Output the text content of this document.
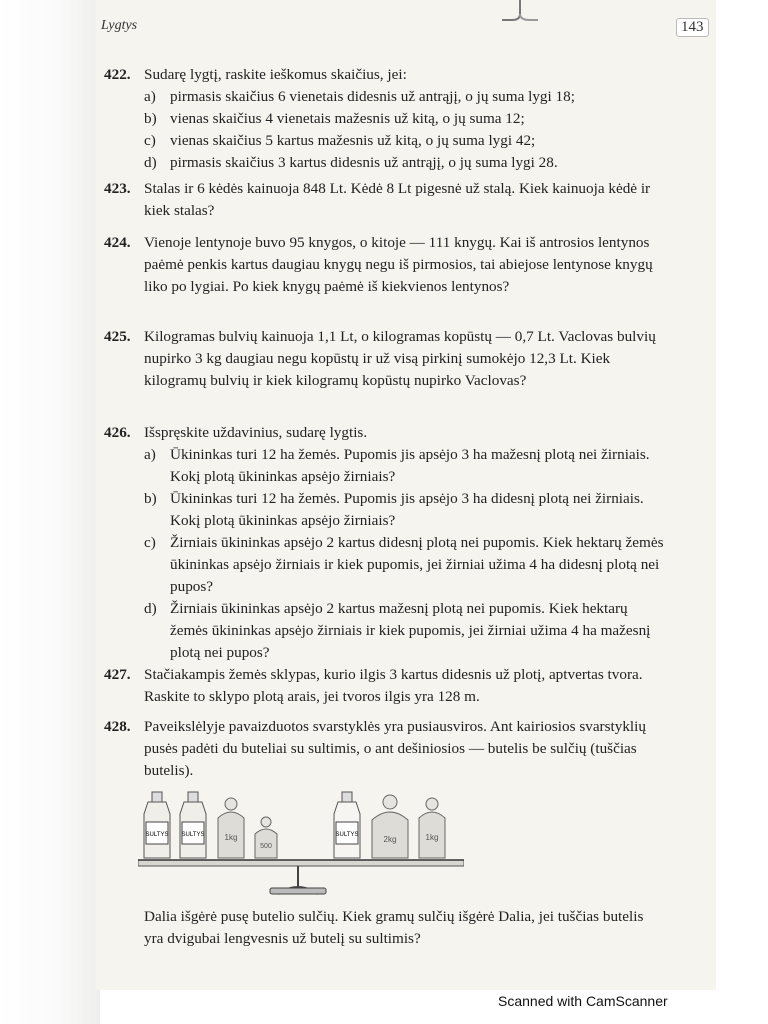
Lygtys	143
422. Sudarę lygtį, raskite ieškomus skaičius, jei:
a) pirmasis skaičius 6 vienetais didesnis už antrąjį, o jų suma lygi 18;
b) vienas skaičius 4 vienetais mažesnis už kitą, o jų suma 12;
c) vienas skaičius 5 kartus mažesnis už kitą, o jų suma lygi 42;
d) pirmasis skaičius 3 kartus didesnis už antrąjį, o jų suma lygi 28.
423. Stalas ir 6 kėdės kainuoja 848 Lt. Kėdė 8 Lt pigesnė už stalą. Kiek kainuoja kėdė ir kiek stalas?
424. Vienoje lentynoje buvo 95 knygos, o kitoje — 111 knygų. Kai iš antrosios lentynos paėmė penkis kartus daugiau knygų negu iš pirmosios, tai abiejose lentynose knygų liko po lygiai. Po kiek knygų paėmė iš kiekvienos lentynos?
425. Kilogramas bulvių kainuoja 1,1 Lt, o kilogramas kopūstų — 0,7 Lt. Vaclovas bulvių nupirko 3 kg daugiau negu kopūstų ir už visą pirkinį sumokėjo 12,3 Lt. Kiek kilogramų bulvių ir kiek kilogramų kopūstų nupirko Vaclovas?
426. Išspręskite uždavinius, sudarę lygtis.
a) Ūkininkas turi 12 ha žemės. Pupomis jis apsėjo 3 ha mažesnį plotą nei žirniais. Kokį plotą ūkininkas apsėjo žirniais?
b) Ūkininkas turi 12 ha žemės. Pupomis jis apsėjo 3 ha didesnį plotą nei žirniais. Kokį plotą ūkininkas apsėjo žirniais?
c) Žirniais ūkininkas apsėjo 2 kartus didesnį plotą nei pupomis. Kiek hektarų žemės ūkininkas apsėjo žirniais ir kiek pupomis, jei žirniai užima 4 ha didesnį plotą nei pupos?
d) Žirniais ūkininkas apsėjo 2 kartus mažesnį plotą nei pupomis. Kiek hektarų žemės ūkininkas apsėjo žirniais ir kiek pupomis, jei žirniai užima 4 ha mažesnį plotą nei pupos?
427. Stačiakampis žemės sklypas, kurio ilgis 3 kartus didesnis už plotį, aptvertas tvora. Raskite to sklypo plotą arais, jei tvoros ilgis yra 128 m.
428. Paveikslėlyje pavaizduotos svarstyklės yra pusiausviros. Ant kairiosios svarstyklių pusės padėti du buteliai su sultimis, o ant dešiniosios — butelis be sulčių (tuščias butelis).
SULTYS SULTYS	1kg
500
SULTYS	2kg	1kg
Dalia išgėrė pusę butelio sulčių. Kiek gramų sulčių išgėrė Dalia, jei tuščias butelis yra dvigubai lengvesnis už butelį su sultimis?
Scanned with CamScanner
